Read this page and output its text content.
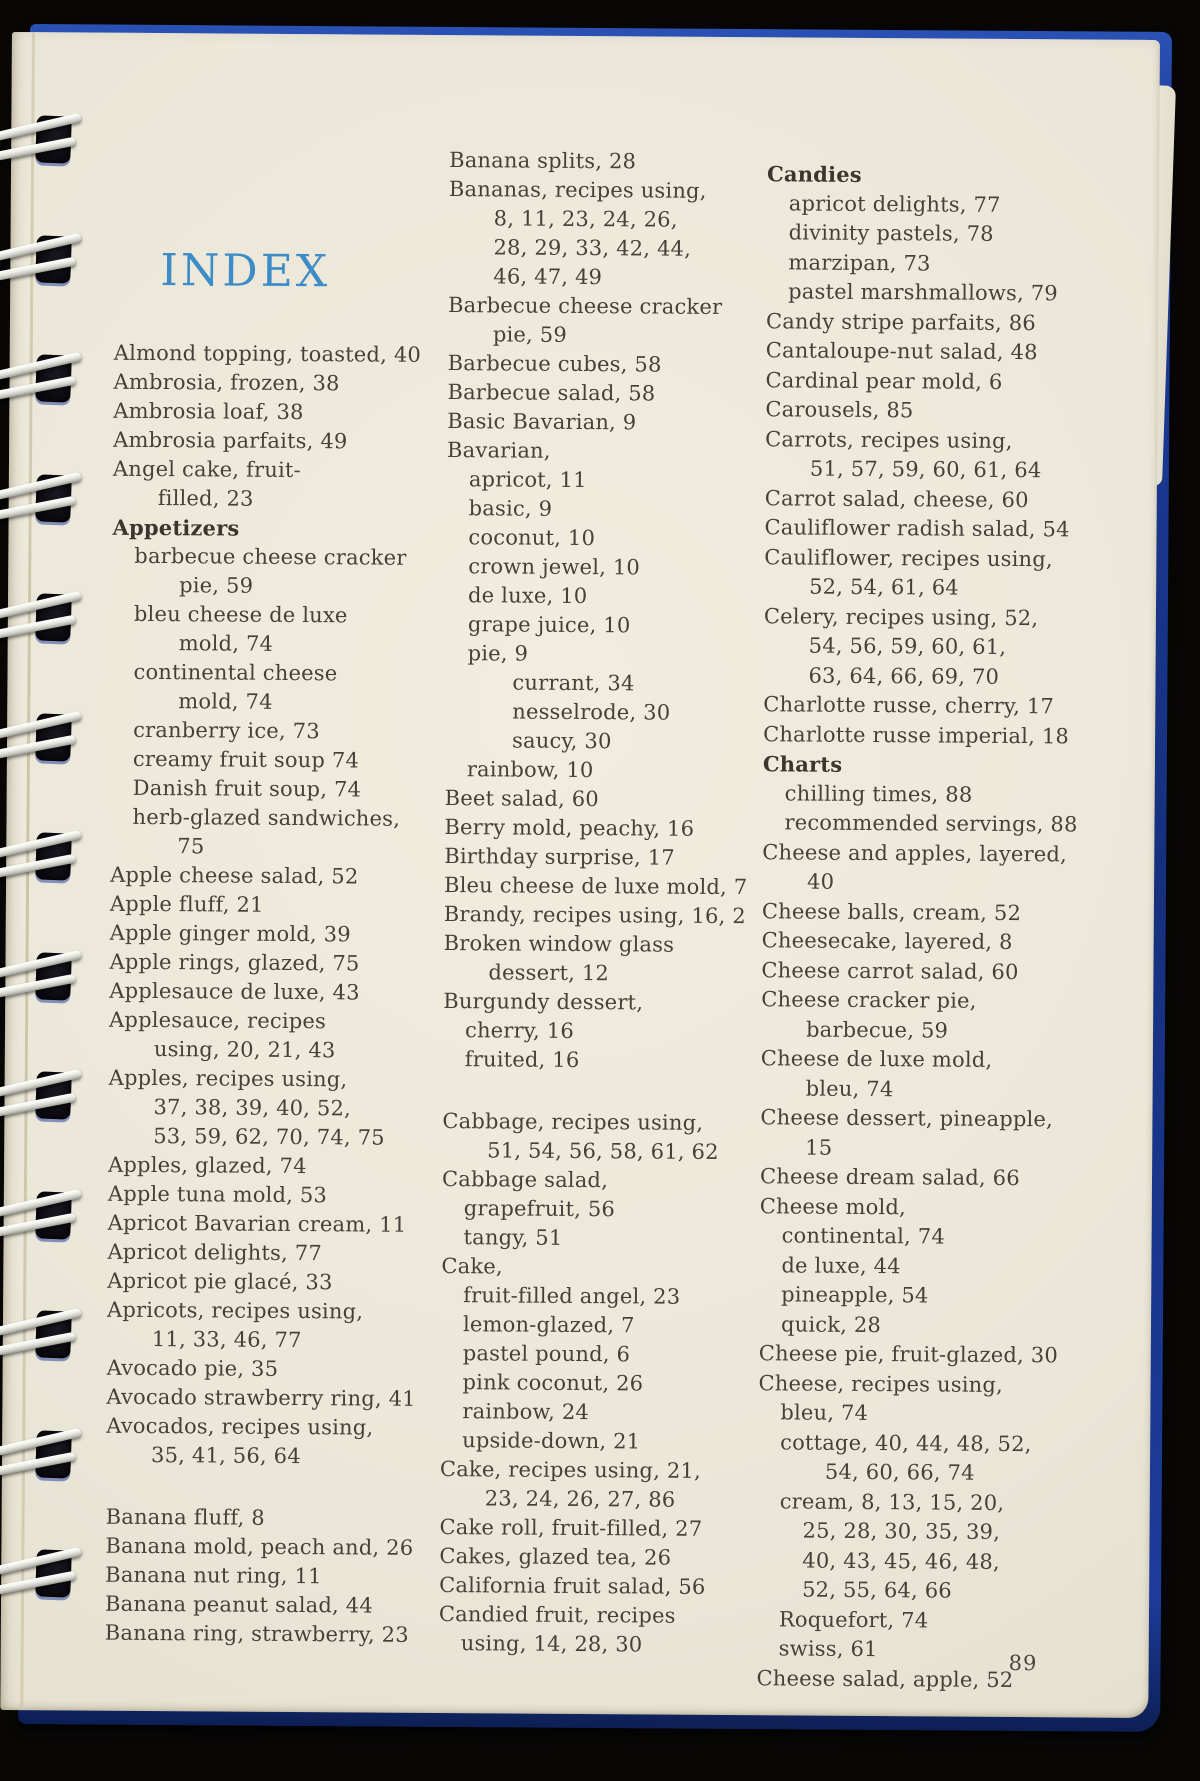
INDEX
Almond topping, toasted, 40
Ambrosia, frozen, 38
Ambrosia loaf, 38
Ambrosia parfaits, 49
Angel cake, fruit-
filled, 23
Appetizers
barbecue cheese cracker
pie, 59
bleu cheese de luxe
mold, 74
continental cheese
mold, 74
cranberry ice, 73
creamy fruit soup 74
Danish fruit soup, 74
herb-glazed sandwiches,
75
Apple cheese salad, 52
Apple fluff, 21
Apple ginger mold, 39
Apple rings, glazed, 75
Applesauce de luxe, 43
Applesauce, recipes
using, 20, 21, 43
Apples, recipes using,
37, 38, 39, 40, 52,
53, 59, 62, 70, 74, 75
Apples, glazed, 74
Apple tuna mold, 53
Apricot Bavarian cream, 11
Apricot delights, 77
Apricot pie glacé, 33
Apricots, recipes using,
11, 33, 46, 77
Avocado pie, 35
Avocado strawberry ring, 41
Avocados, recipes using,
35, 41, 56, 64
Banana fluff, 8
Banana mold, peach and, 26
Banana nut ring, 11
Banana peanut salad, 44
Banana ring, strawberry, 23
Banana splits, 28
Bananas, recipes using,
8, 11, 23, 24, 26,
28, 29, 33, 42, 44,
46, 47, 49
Barbecue cheese cracker
pie, 59
Barbecue cubes, 58
Barbecue salad, 58
Basic Bavarian, 9
Bavarian,
apricot, 11
basic, 9
coconut, 10
crown jewel, 10
de luxe, 10
grape juice, 10
pie, 9
currant, 34
nesselrode, 30
saucy, 30
rainbow, 10
Beet salad, 60
Berry mold, peachy, 16
Birthday surprise, 17
Bleu cheese de luxe mold, 7
Brandy, recipes using, 16, 2
Broken window glass
dessert, 12
Burgundy dessert,
cherry, 16
fruited, 16
Cabbage, recipes using,
51, 54, 56, 58, 61, 62
Cabbage salad,
grapefruit, 56
tangy, 51
Cake,
fruit-filled angel, 23
lemon-glazed, 7
pastel pound, 6
pink coconut, 26
rainbow, 24
upside-down, 21
Cake, recipes using, 21,
23, 24, 26, 27, 86
Cake roll, fruit-filled, 27
Cakes, glazed tea, 26
California fruit salad, 56
Candied fruit, recipes
using, 14, 28, 30
Candies
apricot delights, 77
divinity pastels, 78
marzipan, 73
pastel marshmallows, 79
Candy stripe parfaits, 86
Cantaloupe-nut salad, 48
Cardinal pear mold, 6
Carousels, 85
Carrots, recipes using,
51, 57, 59, 60, 61, 64
Carrot salad, cheese, 60
Cauliflower radish salad, 54
Cauliflower, recipes using,
52, 54, 61, 64
Celery, recipes using, 52,
54, 56, 59, 60, 61,
63, 64, 66, 69, 70
Charlotte russe, cherry, 17
Charlotte russe imperial, 18
Charts
chilling times, 88
recommended servings, 88
Cheese and apples, layered,
40
Cheese balls, cream, 52
Cheesecake, layered, 8
Cheese carrot salad, 60
Cheese cracker pie,
barbecue, 59
Cheese de luxe mold,
bleu, 74
Cheese dessert, pineapple,
15
Cheese dream salad, 66
Cheese mold,
continental, 74
de luxe, 44
pineapple, 54
quick, 28
Cheese pie, fruit-glazed, 30
Cheese, recipes using,
bleu, 74
cottage, 40, 44, 48, 52,
54, 60, 66, 74
cream, 8, 13, 15, 20,
25, 28, 30, 35, 39,
40, 43, 45, 46, 48,
52, 55, 64, 66
Roquefort, 74
swiss, 61
Cheese salad, apple, 52
89
